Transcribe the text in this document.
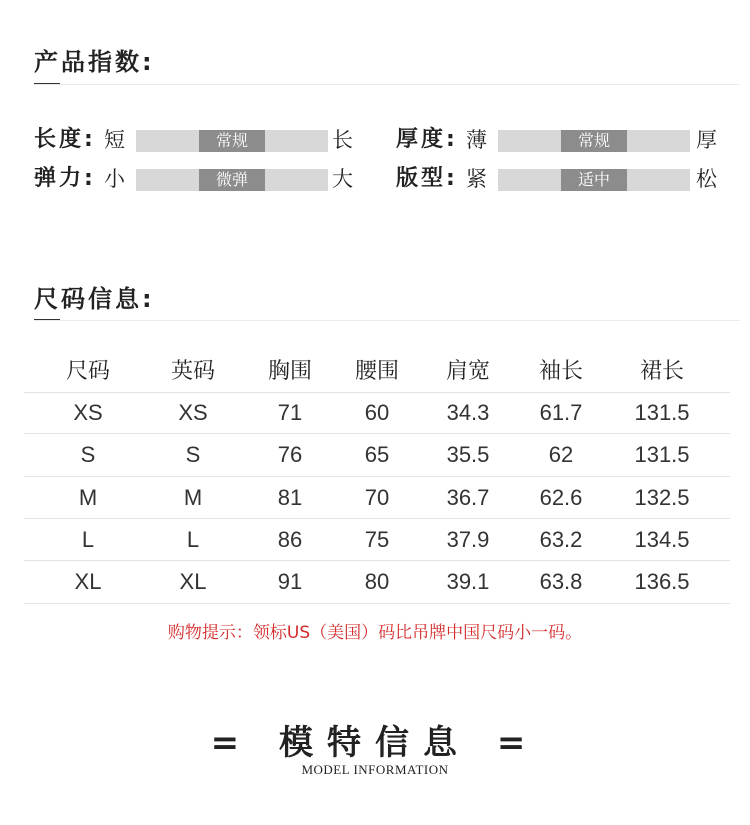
产品指数:
长度: 短	常规	长 厚度: 薄	常规	厚
弹力: 小	微弹	大 版型: 紧	适中	松
尺码信息:
尺码	英码	胸围	腰围	肩宽	袖长	裙长
XS	XS	71	60	34.3	61.7	131.5
S	S	76	65	35.5	62	131.5
M	M	81	70	36.7	62.6	132.5
L	L	86	75	37.9	63.2	134.5
XL	XL	91	80	39.1	63.8	136.5
购物提示：领标US（美国）码比吊牌中国尺码小一码。
= 模特信息 =
MODEL INFORMATION
